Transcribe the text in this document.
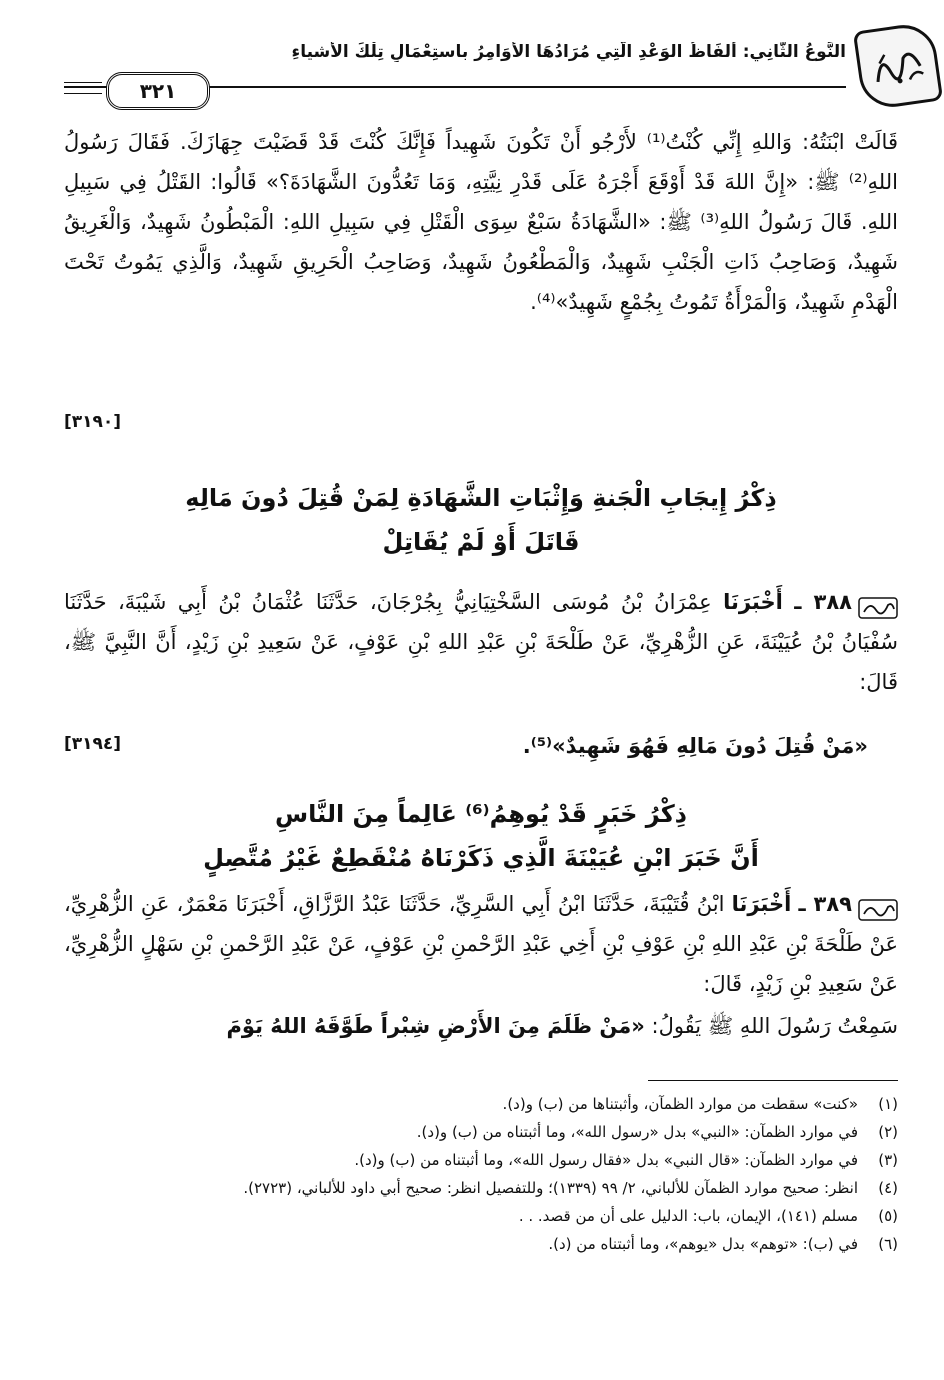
النَّوعُ الثَّانِي: ألفَاظُ الوَعْدِ الَّتِي مُرَادُهَا الأوَامِرُ باستِعْمَالِ تِلْكَ الأشياءِ
٣٢١
قَالَتْ ابْنَتُهُ: وَاللهِ إِنِّي كُنْتُ⁽¹⁾ لأَرْجُو أَنْ تَكُونَ شَهِيداً فَإِنَّكَ كُنْتَ قَدْ قَضَيْتَ جِهَازَكَ. فَقَالَ رَسُولُ اللهِ⁽²⁾ ﷺ: «إِنَّ اللهَ قَدْ أَوْقَعَ أَجْرَهُ عَلَى قَدْرِ نِيَّتِهِ، وَمَا تَعُدُّونَ الشَّهَادَةَ؟» قَالُوا: القَتْلُ فِي سَبِيلِ اللهِ. قَالَ رَسُولُ اللهِ⁽³⁾ ﷺ: «الشَّهَادَةُ سَبْعٌ سِوَى الْقَتْلِ فِي سَبِيلِ اللهِ: الْمَبْطُونُ شَهِيدٌ، وَالْغَرِيقُ شَهِيدٌ، وَصَاحِبُ ذَاتِ الْجَنْبِ شَهِيدٌ، وَالْمَطْعُونُ شَهِيدٌ، وَصَاحِبُ الْحَرِيقِ شَهِيدٌ، وَالَّذِي يَمُوتُ تَحْتَ الْهَدْمِ شَهِيدٌ، وَالْمَرْأَةُ تَمُوتُ بِجُمْعٍ شَهِيدٌ»⁽⁴⁾.
[٣١٩٠]
ذِكْرُ إِيجَابِ الْجَنةِ وَإِثْبَاتِ الشَّهَادَةِ لِمَنْ قُتِلَ دُونَ مَالِهِ
قَاتَلَ أَوْ لَمْ يُقَاتِلْ
٣٨٨ ـ أَخْبَرَنَا عِمْرَانُ بْنُ مُوسَى السَّخْتِيَانِيُّ بِجُرْجَانَ، حَدَّثَنَا عُثْمَانُ بْنُ أَبِي شَيْبَةَ، حَدَّثَنَا سُفْيَانُ بْنُ عُيَيْنَةَ، عَنِ الزُّهْرِيِّ، عَنْ طَلْحَةَ بْنِ عَبْدِ اللهِ بْنِ عَوْفٍ، عَنْ سَعِيدِ بْنِ زَيْدٍ، أَنَّ النَّبِيَّ ﷺ، قَالَ:
«مَنْ قُتِلَ دُونَ مَالِهِ فَهُوَ شَهِيدٌ»⁽⁵⁾.
[٣١٩٤]
ذِكْرُ خَبَرٍ قَدْ يُوهِمُ⁽⁶⁾ عَالِماً مِنَ النَّاسِ
أَنَّ خَبَرَ ابْنِ عُيَيْنَةَ الَّذِي ذَكَرْنَاهُ مُنْقَطِعٌ غَيْرُ مُتَّصِلٍ
٣٨٩ ـ أَخْبَرَنَا ابْنُ قُتَيْبَةَ، حَدَّثَنَا ابْنُ أَبِي السَّرِيِّ، حَدَّثَنَا عَبْدُ الرَّزَّاقِ، أَخْبَرَنَا مَعْمَرٌ، عَنِ الزُّهْرِيِّ، عَنْ طَلْحَةَ بْنِ عَبْدِ اللهِ بْنِ عَوْفِ بْنِ أَخِي عَبْدِ الرَّحْمنِ بْنِ عَوْفٍ، عَنْ عَبْدِ الرَّحْمنِ بْنِ سَهْلٍ الزُّهْرِيِّ، عَنْ سَعِيدِ بْنِ زَيْدٍ، قَالَ:
سَمِعْتُ رَسُولَ اللهِ ﷺ يَقُولُ: «مَنْ ظَلَمَ مِنَ الأَرْضِ شِبْراً طَوَّقَهُ اللهُ يَوْمَ
(١)
«كنت» سقطت من موارد الظمآن، وأثبتناها من (ب) و(د).
(٢)
في موارد الظمآن: «النبي» بدل «رسول الله»، وما أثبتناه من (ب) و(د).
(٣)
في موارد الظمآن: «قال النبي» بدل «فقال رسول الله»، وما أثبتناه من (ب) و(د).
(٤)
انظر: صحيح موارد الظمآن للألباني، ٢/ ٩٩ (١٣٣٩)؛ وللتفصيل انظر: صحيح أبي داود للألباني، (٢٧٢٣).
(٥)
مسلم (١٤١)، الإيمان، باب: الدليل على أن من قصد. . .
(٦)
في (ب): «توهم» بدل «يوهم»، وما أثبتناه من (د).
